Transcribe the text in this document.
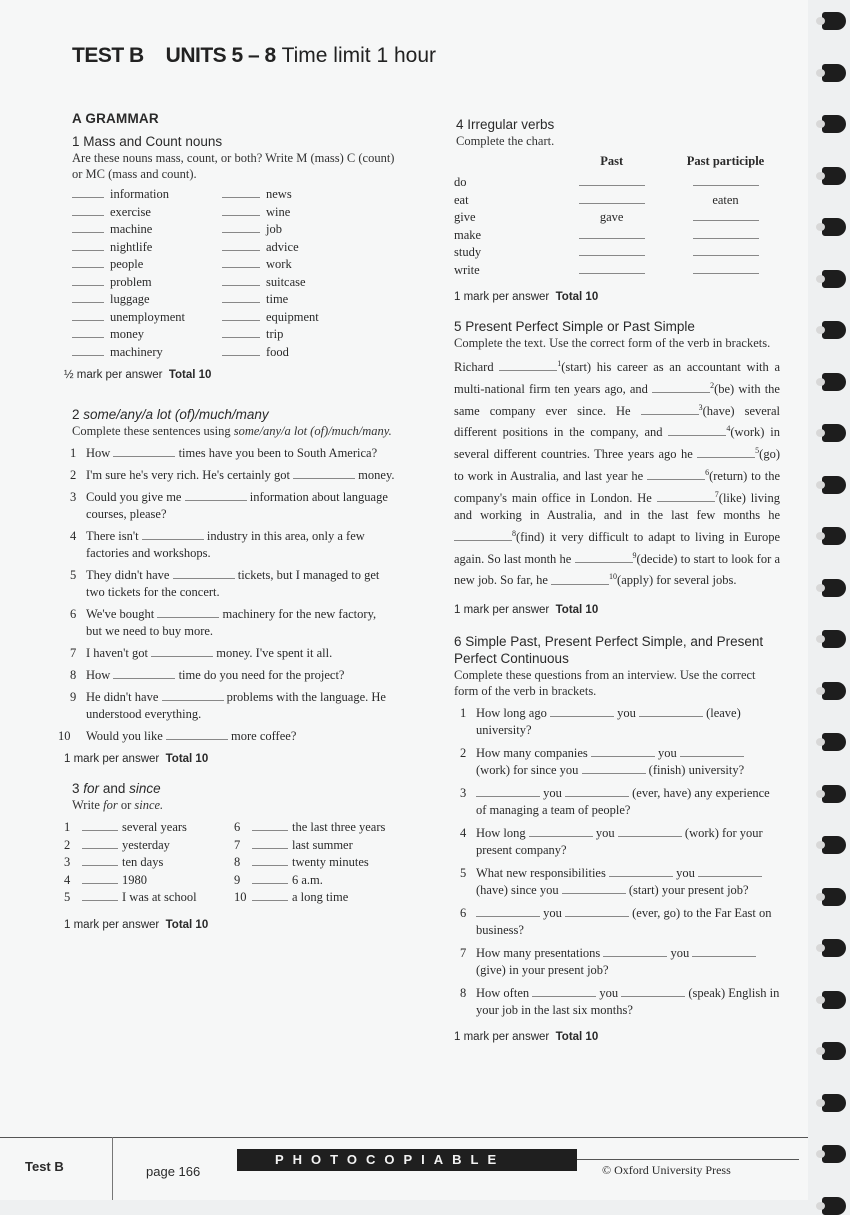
TEST B UNITS 5 – 8 Time limit 1 hour
A GRAMMAR
1 Mass and Count nouns
Are these nouns mass, count, or both? Write M (mass) C (count) or MC (mass and count).
information	news
exercise	wine
machine	job
nightlife	advice
people	work
problem	suitcase
luggage	time
unemployment	equipment
money	trip
machinery	food
½ mark per answer Total 10
2 some/any/a lot (of)/much/many
Complete these sentences using some/any/a lot (of)/much/many.
1 How	times have you been to South America?
2 I'm sure he's very rich. He's certainly got	money.
3 Could you give me	information about language courses, please?
4 There isn't	industry in this area, only a few factories and workshops.
5 They didn't have	tickets, but I managed to get two tickets for the concert.
6 We've bought	machinery for the new factory, but we need to buy more.
7 I haven't got	money. I've spent it all.
8 How	time do you need for the project?
9 He didn't have	problems with the language. He understood everything.
10 Would you like	more coffee?
1 mark per answer Total 10
3 for and since
Write for or since.
1	several years	6	the last three years
2	yesterday	7	last summer
3	ten days	8	twenty minutes
4	1980	9	6 a.m.
5	I was at school	10	a long time
1 mark per answer Total 10
4 Irregular verbs
Complete the chart.
	Past	Past participle
do		
eat		eaten
give	gave	
make		
study		
write		
1 mark per answer Total 10
5 Present Perfect Simple or Past Simple
Complete the text. Use the correct form of the verb in brackets.
Richard	$^1$(start) his career as an accountant with a multi-national firm ten years ago, and	$^2$(be) with the same company ever since. He	$^3$(have) several different positions in the company, and	$^4$(work) in several different countries. Three years ago he	$^5$(go) to work in Australia, and last year he	$^6$(return) to the company's main office in London. He	$^7$(like) living and working in Australia, and in the last few months he $^8$(find) it very difficult to adapt to living in Europe again. So last month he	$^9$(decide) to start to look for a new job. So far, he	$^{10}$(apply) for several jobs.
1 mark per answer Total 10
6 Simple Past, Present Perfect Simple, and Present Perfect Continuous
Complete these questions from an interview. Use the correct form of the verb in brackets.
1 How long ago	you	(leave) university?
2 How many companies	you  (work) for since you	(finish) university?
3	you	(ever, have) any experience of managing a team of people?
4 How long	you	(work) for your present company?
5 What new responsibilities	you  (have) since you	(start) your present job?
6	you	(ever, go) to the Far East on business?
7 How many presentations	you  (give) in your present job?
8 How often	you	(speak) English in your job in the last six months?
1 mark per answer Total 10
Test B	page 166
PHOTOCOPIABLE
© Oxford University Press
